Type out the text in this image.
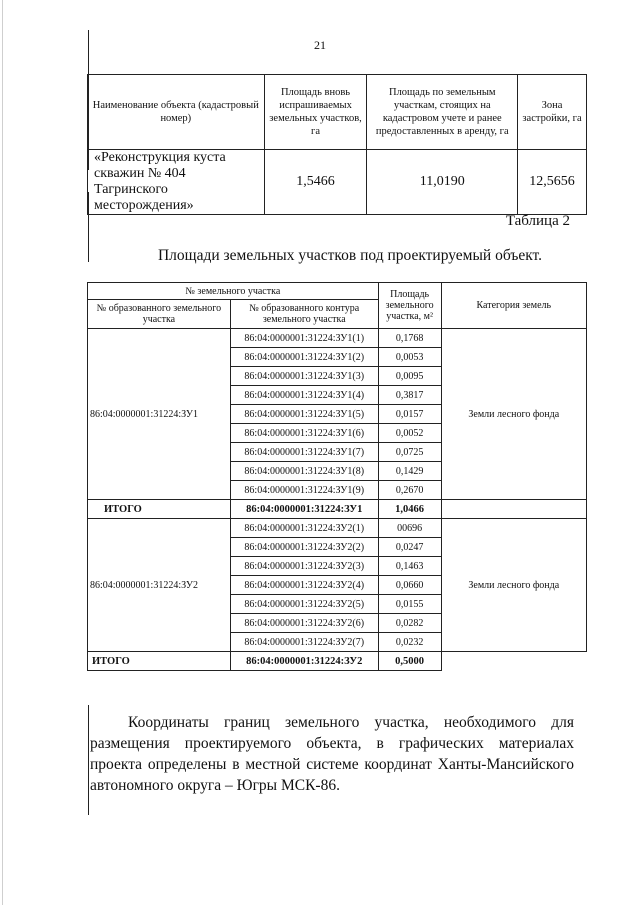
21
Наименование объекта (кадастровый номер)	Площадь вновь испрашиваемых земельных участков, га	Площадь по земельным участкам, стоящих на кадастровом учете и ранее предоставленных в аренду, га	Зона застройки, га
«Реконструкция куста скважин № 404 Тагринского месторождения»	1,5466	11,0190	12,5656
Таблица 2
Площади земельных участков под проектируемый объект.
№ земельного участка		Площадь земельного участка, м²	Категория земель
№ образованного земельного участка	№ образованного контура земельного участка		
86:04:0000001:31224:ЗУ1	86:04:0000001:31224:ЗУ1(1)	0,1768	Земли лесного фонда
	86:04:0000001:31224:ЗУ1(2)	0,0053	
	86:04:0000001:31224:ЗУ1(3)	0,0095	
	86:04:0000001:31224:ЗУ1(4)	0,3817	
	86:04:0000001:31224:ЗУ1(5)	0,0157	
	86:04:0000001:31224:ЗУ1(6)	0,0052	
	86:04:0000001:31224:ЗУ1(7)	0,0725	
	86:04:0000001:31224:ЗУ1(8)	0,1429	
	86:04:0000001:31224:ЗУ1(9)	0,2670	
ИТОГО	86:04:0000001:31224:ЗУ1	1,0466	
86:04:0000001:31224:ЗУ2	86:04:0000001:31224:ЗУ2(1)	00696	Земли лесного фонда
	86:04:0000001:31224:ЗУ2(2)	0,0247	
	86:04:0000001:31224:ЗУ2(3)	0,1463	
	86:04:0000001:31224:ЗУ2(4)	0,0660	
	86:04:0000001:31224:ЗУ2(5)	0,0155	
	86:04:0000001:31224:ЗУ2(6)	0,0282	
	86:04:0000001:31224:ЗУ2(7)	0,0232	
ИТОГО	86:04:0000001:31224:ЗУ2	0,5000	
Координаты границ земельного участка, необходимого для размещения проектируемого объекта, в графических материалах проекта определены в местной системе координат Ханты-Мансийского автономного округа – Югры МСК-86.
